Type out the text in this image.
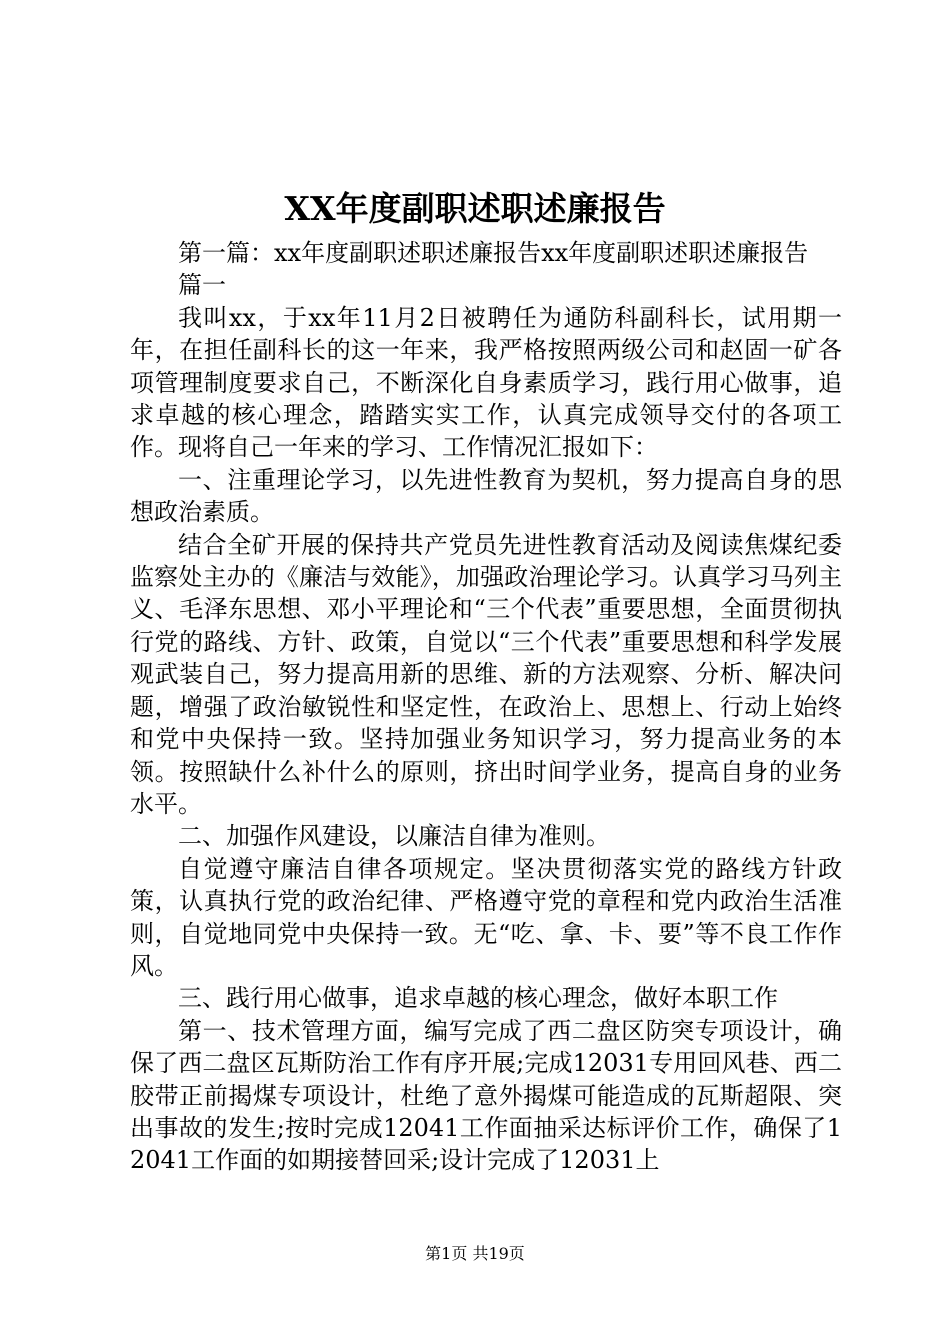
XX年度副职述职述廉报告

第一篇：xx年度副职述职述廉报告xx年度副职述职述廉报告

篇一

我叫xx，于xx年11月2日被聘任为通防科副科长，试用期一年，在担任副科长的这一年来，我严格按照两级公司和赵固一矿各项管理制度要求自己，不断深化自身素质学习，践行用心做事，追求卓越的核心理念，踏踏实实工作，认真完成领导交付的各项工作。现将自己一年来的学习、工作情况汇报如下：

一、注重理论学习，以先进性教育为契机，努力提高自身的思想政治素质。

结合全矿开展的保持共产党员先进性教育活动及阅读焦煤纪委监察处主办的《廉洁与效能》，加强政治理论学习。认真学习马列主义、毛泽东思想、邓小平理论和“三个代表”重要思想，全面贯彻执行党的路线、方针、政策，自觉以“三个代表”重要思想和科学发展观武装自己，努力提高用新的思维、新的方法观察、分析、解决问题，增强了政治敏锐性和坚定性，在政治上、思想上、行动上始终和党中央保持一致。坚持加强业务知识学习，努力提高业务的本领。按照缺什么补什么的原则，挤出时间学业务，提高自身的业务水平。

二、加强作风建设，以廉洁自律为准则。

自觉遵守廉洁自律各项规定。坚决贯彻落实党的路线方针政策，认真执行党的政治纪律、严格遵守党的章程和党内政治生活准则，自觉地同党中央保持一致。无“吃、拿、卡、要”等不良工作作风。

三、践行用心做事，追求卓越的核心理念，做好本职工作

第一、技术管理方面，编写完成了西二盘区防突专项设计，确保了西二盘区瓦斯防治工作有序开展;完成12031专用回风巷、西二胶带正前揭煤专项设计，杜绝了意外揭煤可能造成的瓦斯超限、突出事故的发生;按时完成12041工作面抽采达标评价工作，确保了12041工作面的如期接替回采;设计完成了12031上

第1页 共19页
